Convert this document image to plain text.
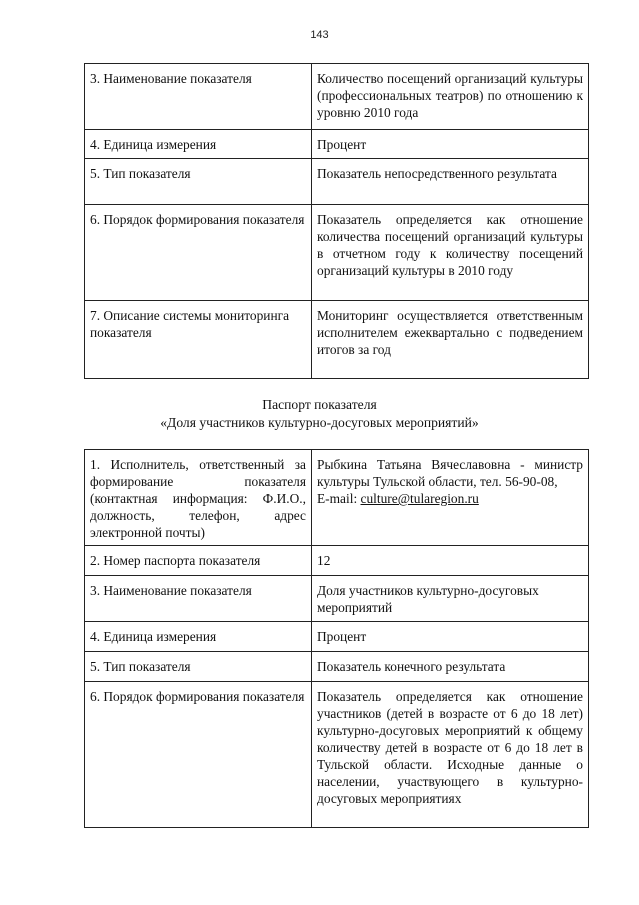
143
3. Наименование показателя	Количество посещений организаций культуры (профессиональных театров) по отношению к уровню 2010 года
4. Единица измерения	Процент
5. Тип показателя	Показатель непосредственного результата
6. Порядок формирования показателя	Показатель определяется как отношение количества посещений организаций культуры в отчетном году к количеству посещений организаций культуры в 2010 году
7. Описание системы мониторинга показателя	Мониторинг осуществляется ответственным исполнителем ежеквартально с подведением итогов за год
Паспорт показателя
«Доля участников культурно-досуговых мероприятий»
1. Исполнитель, ответственный за формирование показателя (контактная информация: Ф.И.О., должность, телефон, адрес электронной почты)	Рыбкина Татьяна Вячеславовна - министр культуры Тульской области, тел. 56-90-08,
E-mail: culture@tularegion.ru

2. Номер паспорта показателя	12
3. Наименование показателя	Доля участников культурно-досуговых мероприятий
4. Единица измерения	Процент
5. Тип показателя	Показатель конечного результата
6. Порядок формирования показателя	Показатель определяется как отношение участников (детей в возрасте от 6 до 18 лет) культурно-досуговых мероприятий к общему количеству детей в возрасте от 6 до 18 лет в Тульской области. Исходные данные о населении, участвующего в культурно-досуговых мероприятиях
